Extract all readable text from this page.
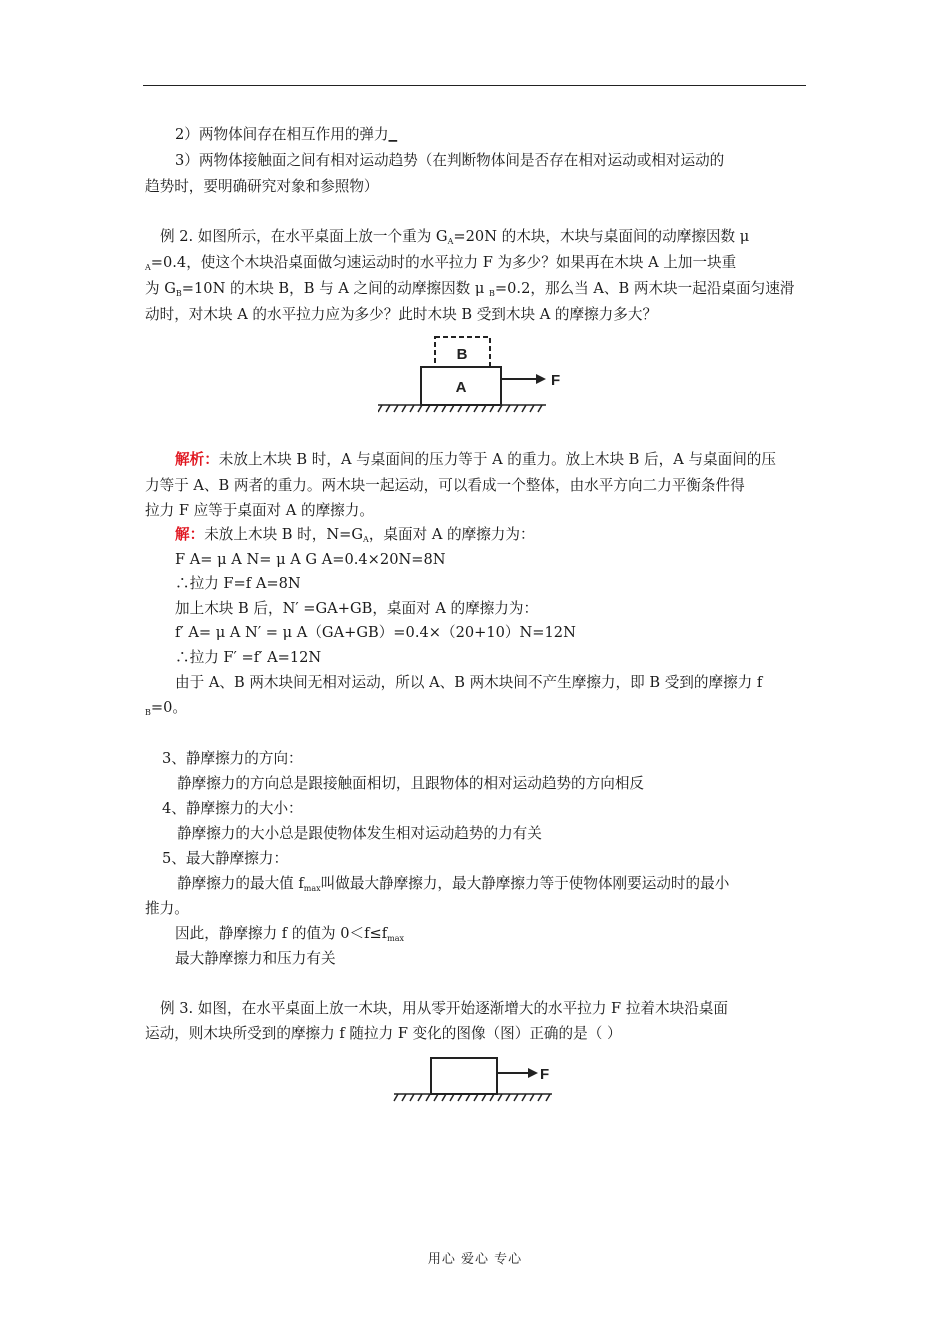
2）两物体间存在相互作用的弹力▁
3）两物体接触面之间有相对运动趋势（在判断物体间是否存在相对运动或相对运动的
趋势时，要明确研究对象和参照物）
例 2. 如图所示，在水平桌面上放一个重为 $G_A=20N$ 的木块，木块与桌面间的动摩擦因数 μ
$_A$=0.4，使这个木块沿桌面做匀速运动时的水平拉力 F 为多少？如果再在木块 A 上加一块重
为 $G_B=10N$ 的木块 B，B 与 A 之间的动摩擦因数 μ $_B$=0.2，那么当 A、B 两木块一起沿桌面匀速滑
动时，对木块 A 的水平拉力应为多少？此时木块 B 受到木块 A 的摩擦力多大？
B
A	F
解析：未放上木块 B 时，A 与桌面间的压力等于 A 的重力。放上木块 B 后，A 与桌面间的压
力等于 A、B 两者的重力。两木块一起运动，可以看成一个整体，由水平方向二力平衡条件得
拉力 F 应等于桌面对 A 的摩擦力。
解：未放上木块 B 时，$N=G_A$，桌面对 A 的摩擦力为：
F A= μ A N= μ A G A=0.4×20N=8N
∴拉力 F=f A=8N
加上木块 B 后，N′ =GA+GB，桌面对 A 的摩擦力为：
f′ A= μ A N′ = μ A（GA+GB）=0.4×（20+10）N=12N
∴拉力 F′ =f′ A=12N
由于 A、B 两木块间无相对运动，所以 A、B 两木块间不产生摩擦力，即 B 受到的摩擦力 f
$_B$=0。
3、静摩擦力的方向：
静摩擦力的方向总是跟接触面相切，且跟物体的相对运动趋势的方向相反
4、静摩擦力的大小：
静摩擦力的大小总是跟使物体发生相对运动趋势的力有关
5、最大静摩擦力：
静摩擦力的最大值 $f_{max}$叫做最大静摩擦力，最大静摩擦力等于使物体刚要运动时的最小
推力。
因此，静摩擦力 f 的值为 $0<f\le f_{max}$
最大静摩擦力和压力有关
例 3. 如图，在水平桌面上放一木块，用从零开始逐渐增大的水平拉力 F 拉着木块沿桌面
运动，则木块所受到的摩擦力 f 随拉力 F 变化的图像（图）正确的是（ ）
F
用心 爱心 专心
